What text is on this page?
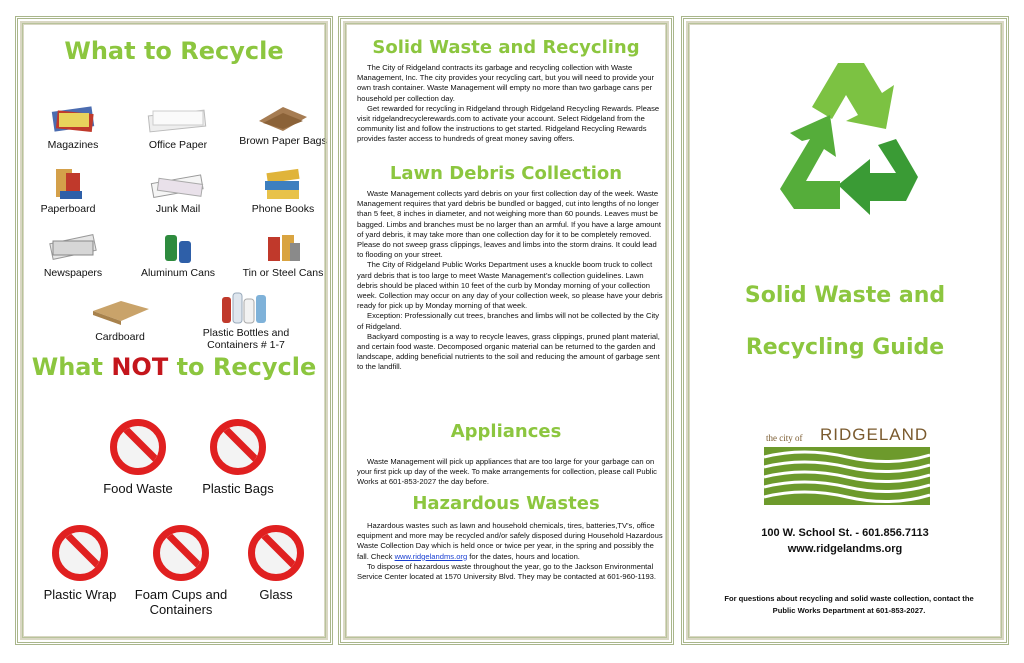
What to Recycle
Magazines	Office Paper	Brown Paper Bags
Paperboard	Junk Mail	Phone Books
Newspapers	Aluminum Cans	Tin or Steel Cans
Cardboard	Plastic Bottles and Containers # 1-7
What NOT to Recycle
Food Waste	Plastic Bags
Plastic Wrap	Foam Cups and Containers
Glass
Solid Waste and Recycling
The City of Ridgeland contracts its garbage and recycling collection with Waste Management, Inc. The city provides your recycling cart, but you will need to provide your own trash container. Waste Management will empty no more than two garbage cans per household per collection day.
Get rewarded for recycling in Ridgeland through Ridgeland Recycling Rewards. Please visit ridgelandrecyclerewards.com to activate your account. Select Ridgeland from the community list and follow the instructions to get started. Ridgeland Recycling Rewards provides faster access to hundreds of great money saving offers.
Lawn Debris Collection
Waste Management collects yard debris on your first collection day of the week. Waste Management requires that yard debris be bundled or bagged, cut into lengths of no longer than 5 feet, 8 inches in diameter, and not weighing more than 60 pounds. Leaves must be bagged. Limbs and branches must be no larger than an armful. If you have a large amount of yard debris, it may take more than one collection day for it to be completely removed. Please do not sweep grass clippings, leaves and limbs into the storm drains. It could lead to flooding on your street.
The City of Ridgeland Public Works Department uses a knuckle boom truck to collect yard debris that is too large to meet Waste Management’s collection guidelines. Lawn debris should be placed within 10 feet of the curb by Monday morning of your collection week. Collection may occur on any day of your collection week, so please have your debris ready for pick up by Monday morning of that week.
Exception: Professionally cut trees, branches and limbs will not be collected by the City of Ridgeland.
Backyard composting is a way to recycle leaves, grass clippings, pruned plant material, and certain food waste. Decomposed organic material can be returned to the garden and landscape, adding beneficial nutrients to the soil and reducing the amount of garbage sent to the landfill.
Appliances
Waste Management will pick up appliances that are too large for your garbage can on your first pick up day of the week. To make arrangements for collection, please call Public Works at 601-853-2027 the day before.
Hazardous Wastes
Hazardous wastes such as lawn and household chemicals, tires, batteries,TV’s, office equipment and more may be recycled and/or safely disposed during Household Hazardous Waste Collection Day which is held once or twice per year, in the spring and possibly the fall. Check www.ridgelandms.org for the dates, hours and location.
To dispose of hazardous waste throughout the year, go to the Jackson Environmental Service Center located at 1570 University Blvd. They may be contacted at 601-960-1193.
Solid Waste and
Recycling Guide
the city of RIDGELAND
100 W. School St. - 601.856.7113
www.ridgelandms.org
For questions about recycling and solid waste collection, contact the Public Works Department at 601-853-2027.
